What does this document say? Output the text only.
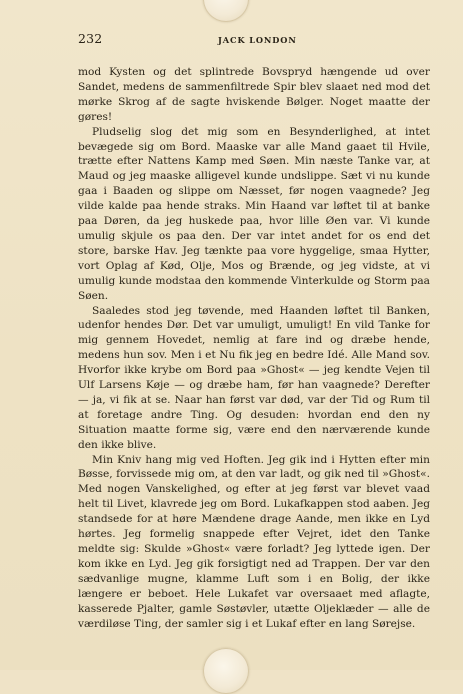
232	JACK LONDON

mod Kysten og det splintrede Bovspryd hængende ud over Sandet, medens de sammenfiltrede Spir blev slaaet ned mod det mørke Skrog af de sagte hviskende Bølger. Noget maatte der gøres!

Pludselig slog det mig som en Besynderlighed, at intet bevægede sig om Bord. Maaske var alle Mand gaaet til Hvile, trætte efter Nattens Kamp med Søen. Min næste Tanke var, at Maud og jeg maaske alligevel kunde undslippe. Sæt vi nu kunde gaa i Baaden og slippe om Næsset, før nogen vaagnede? Jeg vilde kalde paa hende straks. Min Haand var løftet til at banke paa Døren, da jeg huskede paa, hvor lille Øen var. Vi kunde umulig skjule os paa den. Der var intet andet for os end det store, barske Hav. Jeg tænkte paa vore hyggelige, smaa Hytter, vort Oplag af Kød, Olje, Mos og Brænde, og jeg vidste, at vi umulig kunde modstaa den kommende Vinterkulde og Storm paa Søen.

Saaledes stod jeg tøvende, med Haanden løftet til Banken, udenfor hendes Dør. Det var umuligt, umuligt! En vild Tanke for mig gennem Hovedet, nemlig at fare ind og dræbe hende, medens hun sov. Men i et Nu fik jeg en bedre Idé. Alle Mand sov. Hvorfor ikke krybe om Bord paa »Ghost« — jeg kendte Vejen til Ulf Larsens Køje — og dræbe ham, før han vaagnede? Derefter — ja, vi fik at se. Naar han først var død, var der Tid og Rum til at foretage andre Ting. Og desuden: hvordan end den ny Situation maatte forme sig, være end den nærværende kunde den ikke blive.

Min Kniv hang mig ved Hoften. Jeg gik ind i Hytten efter min Bøsse, forvissede mig om, at den var ladt, og gik ned til »Ghost«. Med nogen Vanskelighed, og efter at jeg først var blevet vaad helt til Livet, klavrede jeg om Bord. Lukafkappen stod aaben. Jeg standsede for at høre Mændene drage Aande, men ikke en Lyd hørtes. Jeg formelig snappede efter Vejret, idet den Tanke meldte sig: Skulde »Ghost« være forladt? Jeg lyttede igen. Der kom ikke en Lyd. Jeg gik forsigtigt ned ad Trappen. Der var den sædvanlige mugne, klamme Luft som i en Bolig, der ikke længere er beboet. Hele Lukafet var oversaaet med aflagte, kasserede Pjalter, gamle Søstøvler, utætte Oljeklæder — alle de værdiløse Ting, der samler sig i et Lukaf efter en lang Sørejse.
